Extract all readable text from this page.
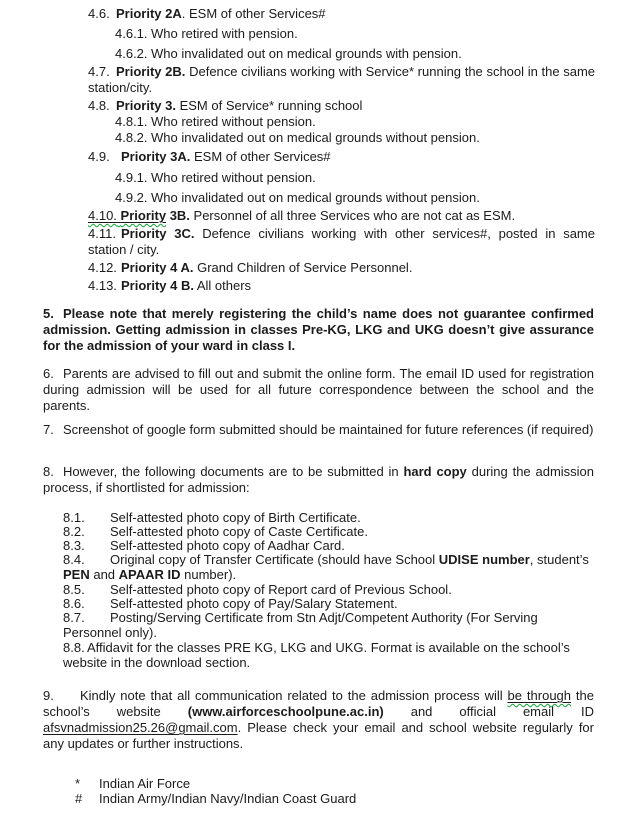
4.6. Priority 2A. ESM of other Services#
4.6.1. Who retired with pension.
4.6.2. Who invalidated out on medical grounds with pension.
4.7. Priority 2B. Defence civilians working with Service* running the school in the same station/city.
4.8. Priority 3. ESM of Service* running school
4.8.1. Who retired without pension.
4.8.2. Who invalidated out on medical grounds without pension.
4.9. Priority 3A. ESM of other Services#
4.9.1. Who retired without pension.
4.9.2. Who invalidated out on medical grounds without pension.
4.10. Priority 3B. Personnel of all three Services who are not cat as ESM.
4.11. Priority 3C. Defence civilians working with other services#, posted in same station / city.
4.12. Priority 4 A. Grand Children of Service Personnel.
4.13. Priority 4 B. All others
5. Please note that merely registering the child’s name does not guarantee confirmed admission. Getting admission in classes Pre-KG, LKG and UKG doesn’t give assurance for the admission of your ward in class I.
6. Parents are advised to fill out and submit the online form. The email ID used for registration during admission will be used for all future correspondence between the school and the parents.
7. Screenshot of google form submitted should be maintained for future references (if required)
8. However, the following documents are to be submitted in hard copy during the admission process, if shortlisted for admission:
8.1. Self-attested photo copy of Birth Certificate.
8.2. Self-attested photo copy of Caste Certificate.
8.3. Self-attested photo copy of Aadhar Card.
8.4. Original copy of Transfer Certificate (should have School UDISE number, student’s PEN and APAAR ID number).
8.5. Self-attested photo copy of Report card of Previous School.
8.6. Self-attested photo copy of Pay/Salary Statement.
8.7. Posting/Serving Certificate from Stn Adjt/Competent Authority (For Serving Personnel only).
8.8. Affidavit for the classes PRE KG, LKG and UKG. Format is available on the school’s website in the download section.
9. Kindly note that all communication related to the admission process will be through the school’s website (www.airforceschoolpune.ac.in) and official email ID afsvnadmission25.26@gmail.com. Please check your email and school website regularly for any updates or further instructions.
* Indian Air Force
# Indian Army/Indian Navy/Indian Coast Guard
